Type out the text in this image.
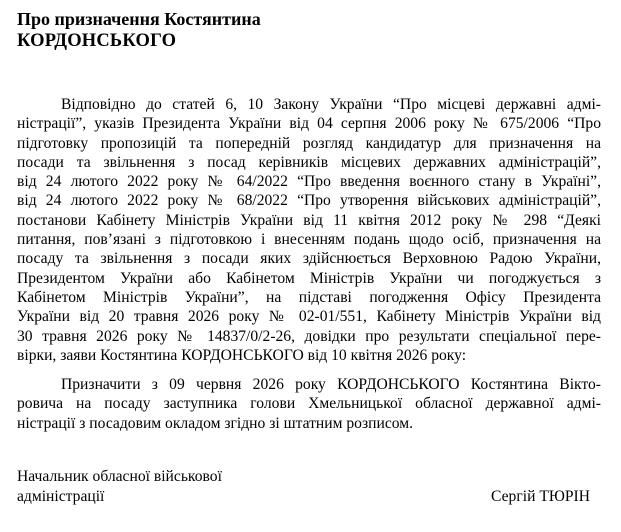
Про призначення Костянтина
КОРДОНСЬКОГО
Відповідно до статей 6, 10 Закону України “Про місцеві державні адмі-
ністрації”, указів Президента України від 04 серпня 2006 року № 675/2006 “Про
підготовку пропозицій та попередній розгляд кандидатур для призначення на
посади та звільнення з посад керівників місцевих державних адміністрацій”,
від 24 лютого 2022 року № 64/2022 “Про введення воєнного стану в Україні”,
від 24 лютого 2022 року № 68/2022 “Про утворення військових адміністрацій”,
постанови Кабінету Міністрів України від 11 квітня 2012 року № 298 “Деякі
питання, пов’язані з підготовкою і внесенням подань щодо осіб, призначення на
посаду та звільнення з посади яких здійснюється Верховною Радою України,
Президентом України або Кабінетом Міністрів України чи погоджується з
Кабінетом Міністрів України”, на підставі погодження Офісу Президента
України від 20 травня 2026 року № 02-01/551, Кабінету Міністрів України від
30 травня 2026 року № 14837/0/2-26, довідки про результати спеціальної пере-
вірки, заяви Костянтина КОРДОНСЬКОГО від 10 квітня 2026 року:
Призначити з 09 червня 2026 року КОРДОНСЬКОГО Костянтина Вікто-
ровича на посаду заступника голови Хмельницької обласної державної адмі-
ністрації з посадовим окладом згідно зі штатним розписом.
Начальник обласної військової
адміністрації	Сергій ТЮРІН
